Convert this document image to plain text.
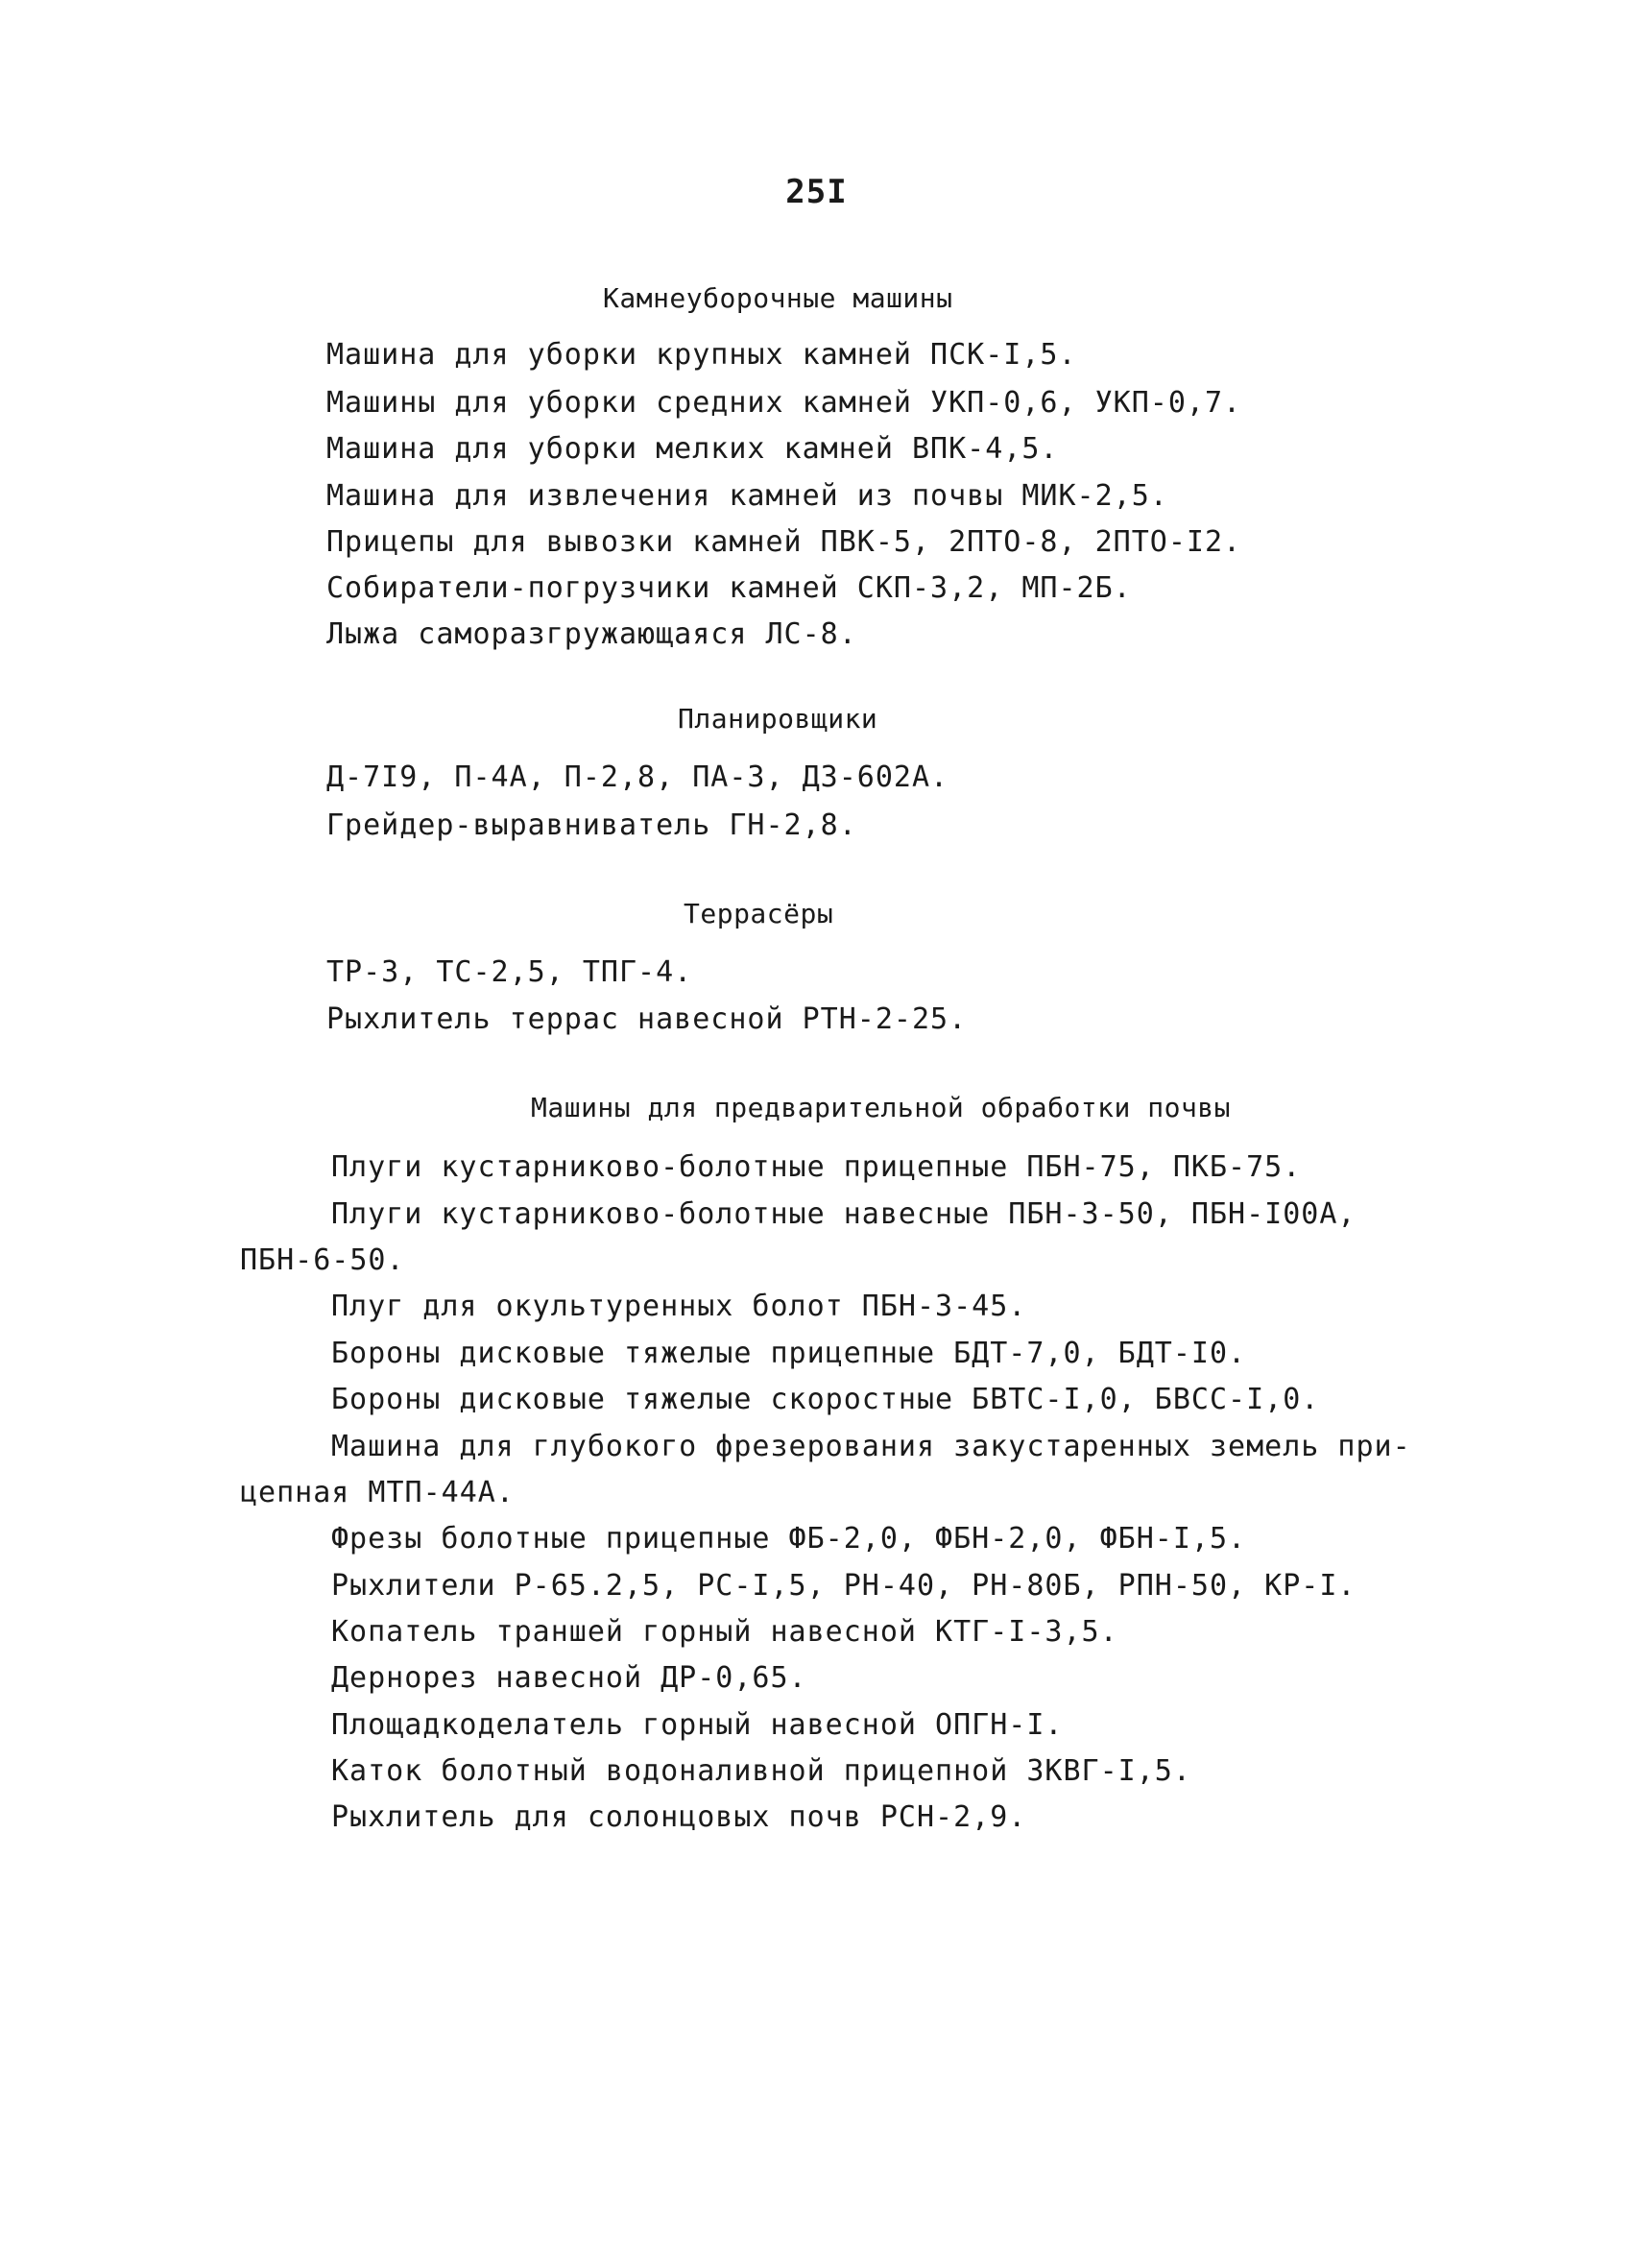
25I
Камнеуборочные машины
Машина для уборки крупных камней ПСК-I,5.
Машины для уборки средних камней УКП-0,6, УКП-0,7.
Машина для уборки мелких камней ВПК-4,5.
Машина для извлечения камней из почвы МИК-2,5.
Прицепы для вывозки камней ПВК-5, 2ПТО-8, 2ПТО-I2.
Собиратели-погрузчики камней СКП-3,2, МП-2Б.
Лыжа саморазгружающаяся ЛС-8.
Планировщики
Д-7I9, П-4А, П-2,8, ПА-3, ДЗ-602А.
Грейдер-выравниватель ГН-2,8.
Террасёры
ТР-3, ТС-2,5, ТПГ-4.
Рыхлитель террас навесной РТН-2-25.
Машины для предварительной обработки почвы
Плуги кустарниково-болотные прицепные ПБН-75, ПКБ-75.
Плуги кустарниково-болотные навесные ПБН-3-50, ПБН-I00А,
ПБН-6-50.
Плуг для окультуренных болот ПБН-3-45.
Бороны дисковые тяжелые прицепные БДТ-7,0, БДТ-I0.
Бороны дисковые тяжелые скоростные БВТС-I,0, БВСС-I,0.
Машина для глубокого фрезерования закустаренных земель при-
цепная МТП-44А.
Фрезы болотные прицепные ФБ-2,0, ФБН-2,0, ФБН-I,5.
Рыхлители Р-65.2,5, РС-I,5, РН-40, РН-80Б, РПН-50, КР-I.
Копатель траншей горный навесной КТГ-I-3,5.
Дернорез навесной ДР-0,65.
Площадкоделатель горный навесной ОПГН-I.
Каток болотный водоналивной прицепной ЗКВГ-I,5.
Рыхлитель для солонцовых почв РСН-2,9.
